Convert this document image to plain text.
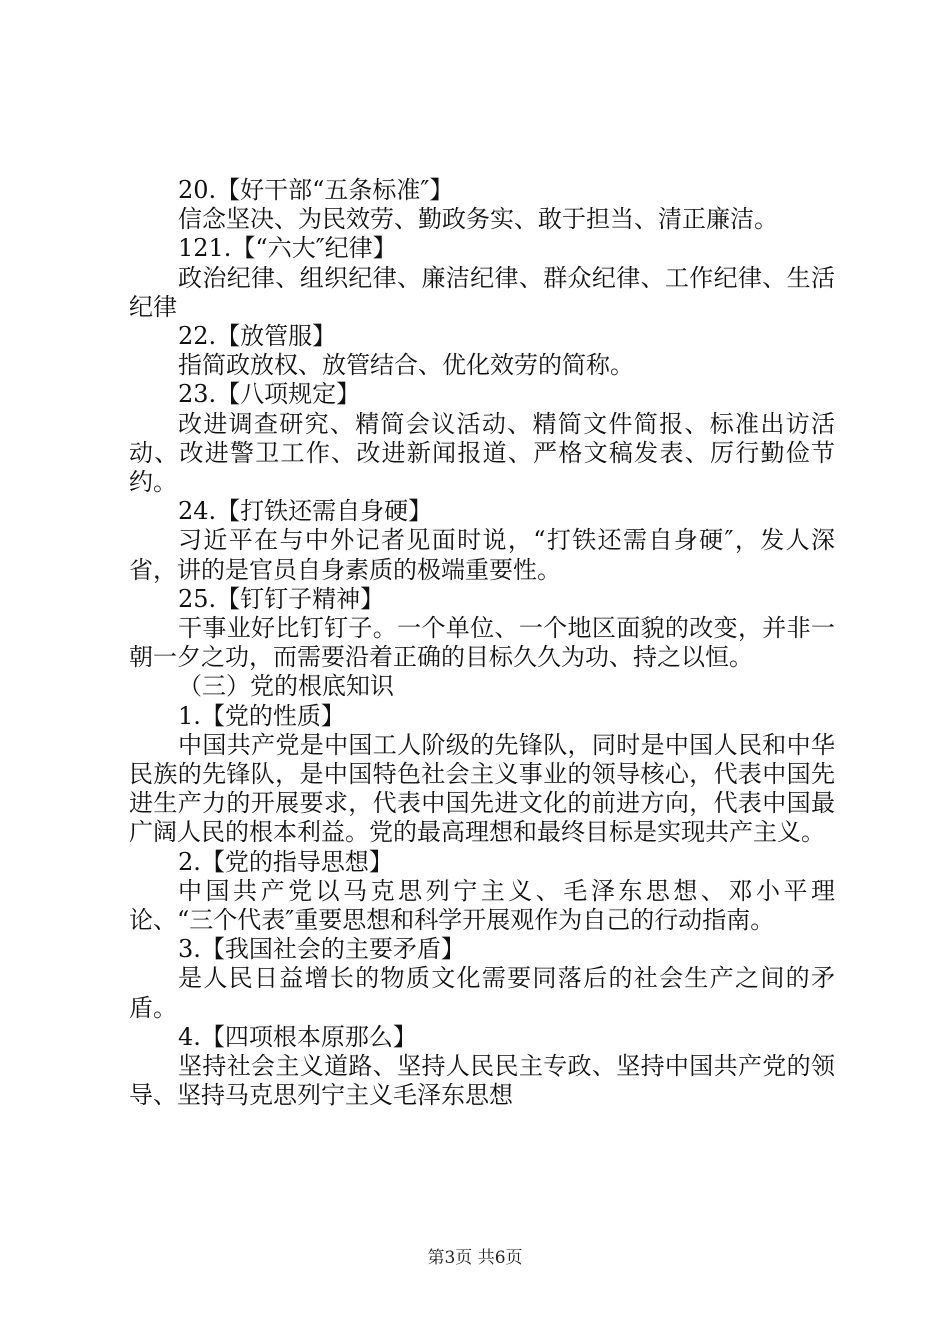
20.【好干部“五条标准″】

信念坚决、为民效劳、勤政务实、敢于担当、清正廉洁。

121.【“六大″纪律】

政治纪律、组织纪律、廉洁纪律、群众纪律、工作纪律、生活纪律

22.【放管服】

指简政放权、放管结合、优化效劳的简称。

23.【八项规定】

改进调查研究、精简会议活动、精简文件简报、标准出访活动、改进警卫工作、改进新闻报道、严格文稿发表、厉行勤俭节约。

24.【打铁还需自身硬】

习近平在与中外记者见面时说，“打铁还需自身硬″，发人深省，讲的是官员自身素质的极端重要性。

25.【钉钉子精神】

干事业好比钉钉子。一个单位、一个地区面貌的改变，并非一朝一夕之功，而需要沿着正确的目标久久为功、持之以恒。

（三）党的根底知识

1.【党的性质】

中国共产党是中国工人阶级的先锋队，同时是中国人民和中华民族的先锋队，是中国特色社会主义事业的领导核心，代表中国先进生产力的开展要求，代表中国先进文化的前进方向，代表中国最广阔人民的根本利益。党的最高理想和最终目标是实现共产主义。

2.【党的指导思想】

中国共产党以马克思列宁主义、毛泽东思想、邓小平理论、“三个代表″重要思想和科学开展观作为自己的行动指南。

3.【我国社会的主要矛盾】

是人民日益增长的物质文化需要同落后的社会生产之间的矛盾。

4.【四项根本原那么】

坚持社会主义道路、坚持人民民主专政、坚持中国共产党的领导、坚持马克思列宁主义毛泽东思想

第3页 共6页
